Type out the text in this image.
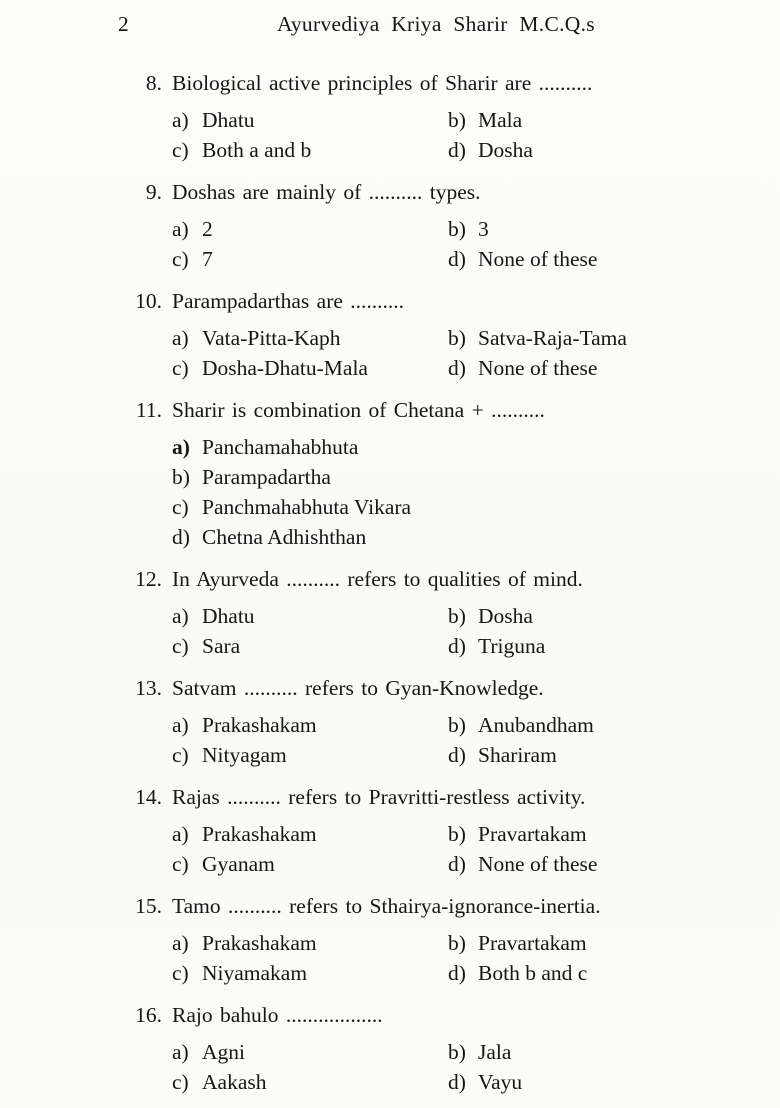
2	Ayurvediya Kriya Sharir M.C.Q.s
8. Biological active principles of Sharir are ..........
a) Dhatu	b) Mala
c) Both a and b	d) Dosha
9. Doshas are mainly of .......... types.
a) 2	b) 3
c) 7	d) None of these
10. Parampadarthas are ..........
a) Vata-Pitta-Kaph	b) Satva-Raja-Tama
c) Dosha-Dhatu-Mala	d) None of these
11. Sharir is combination of Chetana + ..........
a) Panchamahabhuta
b) Parampadartha
c) Panchmahabhuta Vikara
d) Chetna Adhishthan
12. In Ayurveda .......... refers to qualities of mind.
a) Dhatu	b) Dosha
c) Sara	d) Triguna
13. Satvam .......... refers to Gyan-Knowledge.
a) Prakashakam	b) Anubandham
c) Nityagam	d) Shariram
14. Rajas .......... refers to Pravritti-restless activity.
a) Prakashakam	b) Pravartakam
c) Gyanam	d) None of these
15. Tamo .......... refers to Sthairya-ignorance-inertia.
a) Prakashakam	b) Pravartakam
c) Niyamakam	d) Both b and c
16. Rajo bahulo ..................
a) Agni	b) Jala
c) Aakash	d) Vayu
